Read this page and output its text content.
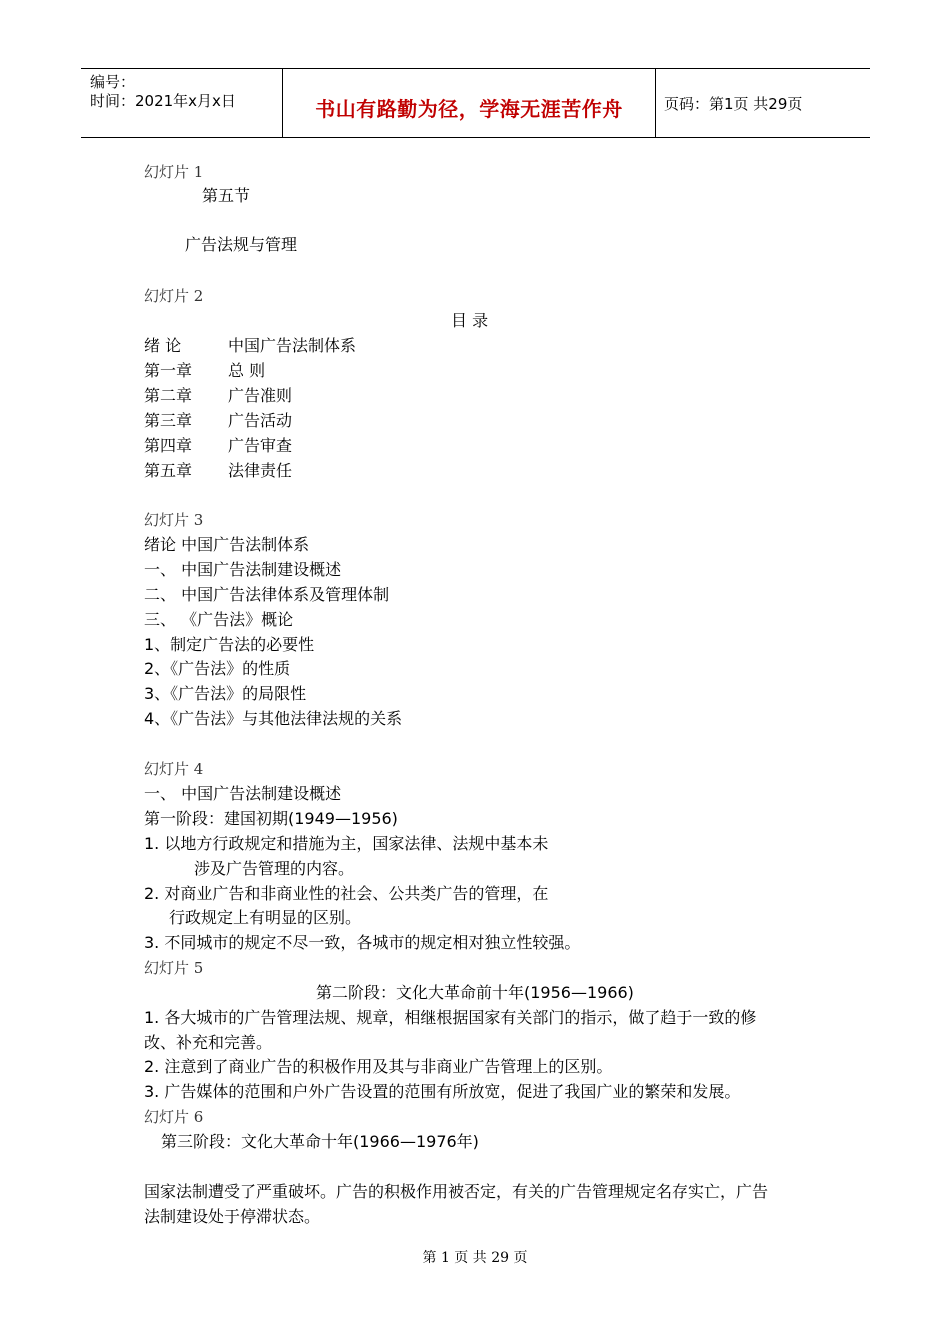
编号：
时间：2021年x月x日	书山有路勤为径，学海无涯苦作舟	页码：第1页 共29页
幻灯片 1
第五节
广告法规与管理
幻灯片 2
目 录
绪 论	中国广告法制体系
第一章 总 则
第二章 广告准则
第三章 广告活动
第四章 广告审查
第五章 法律责任
幻灯片 3
绪论 中国广告法制体系
一、 中国广告法制建设概述
二、 中国广告法律体系及管理体制
三、 《广告法》概论
1、制定广告法的必要性
2、《广告法》的性质
3、《广告法》的局限性
4、《广告法》与其他法律法规的关系
幻灯片 4
一、 中国广告法制建设概述
第一阶段：建国初期(1949—1956)
1. 以地方行政规定和措施为主，国家法律、法规中基本未
涉及广告管理的内容。
2. 对商业广告和非商业性的社会、公共类广告的管理，在
行政规定上有明显的区别。
3. 不同城市的规定不尽一致，各城市的规定相对独立性较强。
幻灯片 5
第二阶段：文化大革命前十年(1956—1966)
1. 各大城市的广告管理法规、规章，相继根据国家有关部门的指示，做了趋于一致的修
改、补充和完善。
2. 注意到了商业广告的积极作用及其与非商业广告管理上的区别。
3. 广告媒体的范围和户外广告设置的范围有所放宽，促进了我国广业的繁荣和发展。
幻灯片 6
第三阶段：文化大革命十年(1966—1976年)
国家法制遭受了严重破坏。广告的积极作用被否定，有关的广告管理规定名存实亡，广告
法制建设处于停滞状态。
第 1 页 共 29 页
